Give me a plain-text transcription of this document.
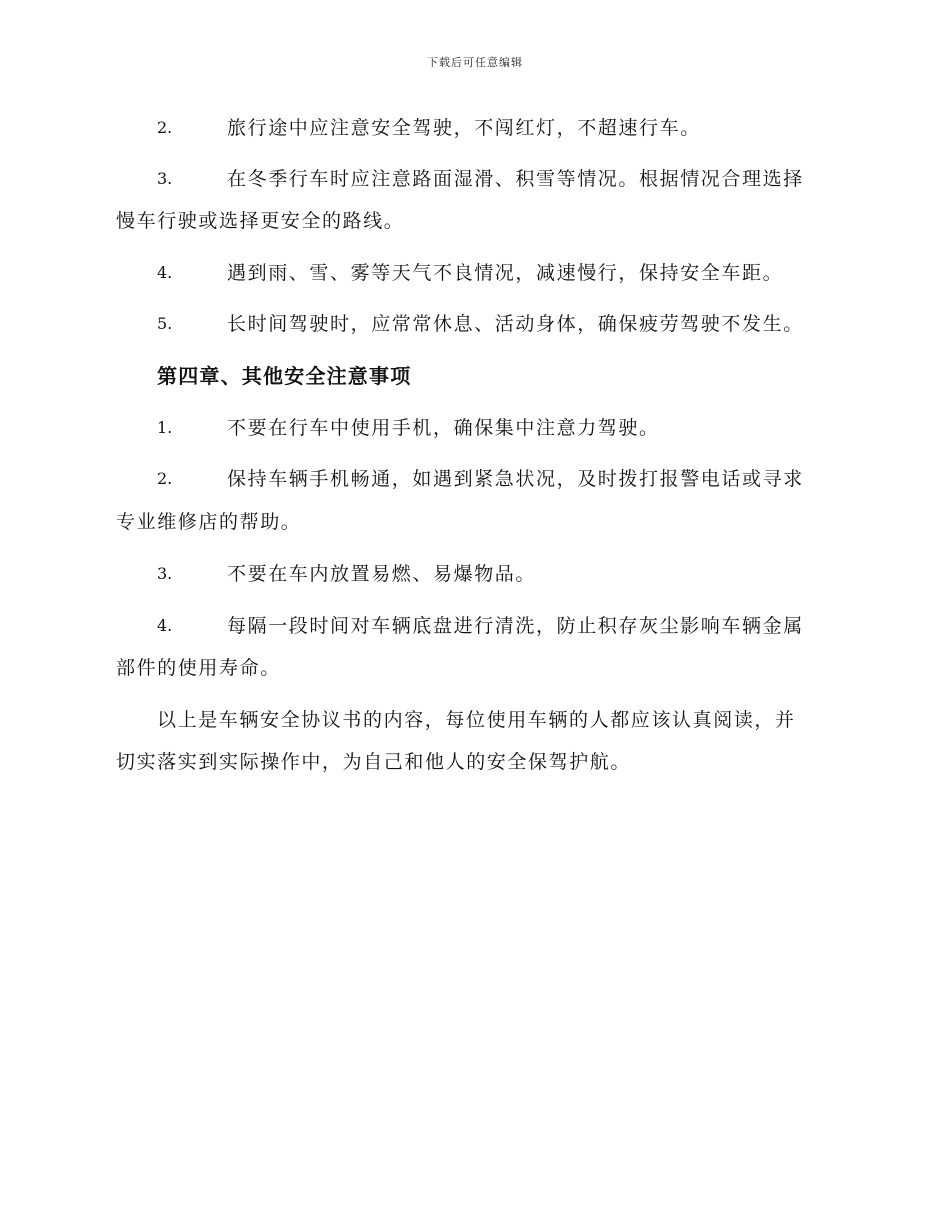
下载后可任意编辑
2.	旅行途中应注意安全驾驶，不闯红灯，不超速行车。
3.	在冬季行车时应注意路面湿滑、积雪等情况。根据情况合理选择
慢车行驶或选择更安全的路线。
4.	遇到雨、雪、雾等天气不良情况，减速慢行，保持安全车距。
5.	长时间驾驶时，应常常休息、活动身体，确保疲劳驾驶不发生。
第四章、其他安全注意事项
1.	不要在行车中使用手机，确保集中注意力驾驶。
2.	保持车辆手机畅通，如遇到紧急状况，及时拨打报警电话或寻求
专业维修店的帮助。
3.	不要在车内放置易燃、易爆物品。
4.	每隔一段时间对车辆底盘进行清洗，防止积存灰尘影响车辆金属
部件的使用寿命。
以上是车辆安全协议书的内容，每位使用车辆的人都应该认真阅读，并
切实落实到实际操作中，为自己和他人的安全保驾护航。
